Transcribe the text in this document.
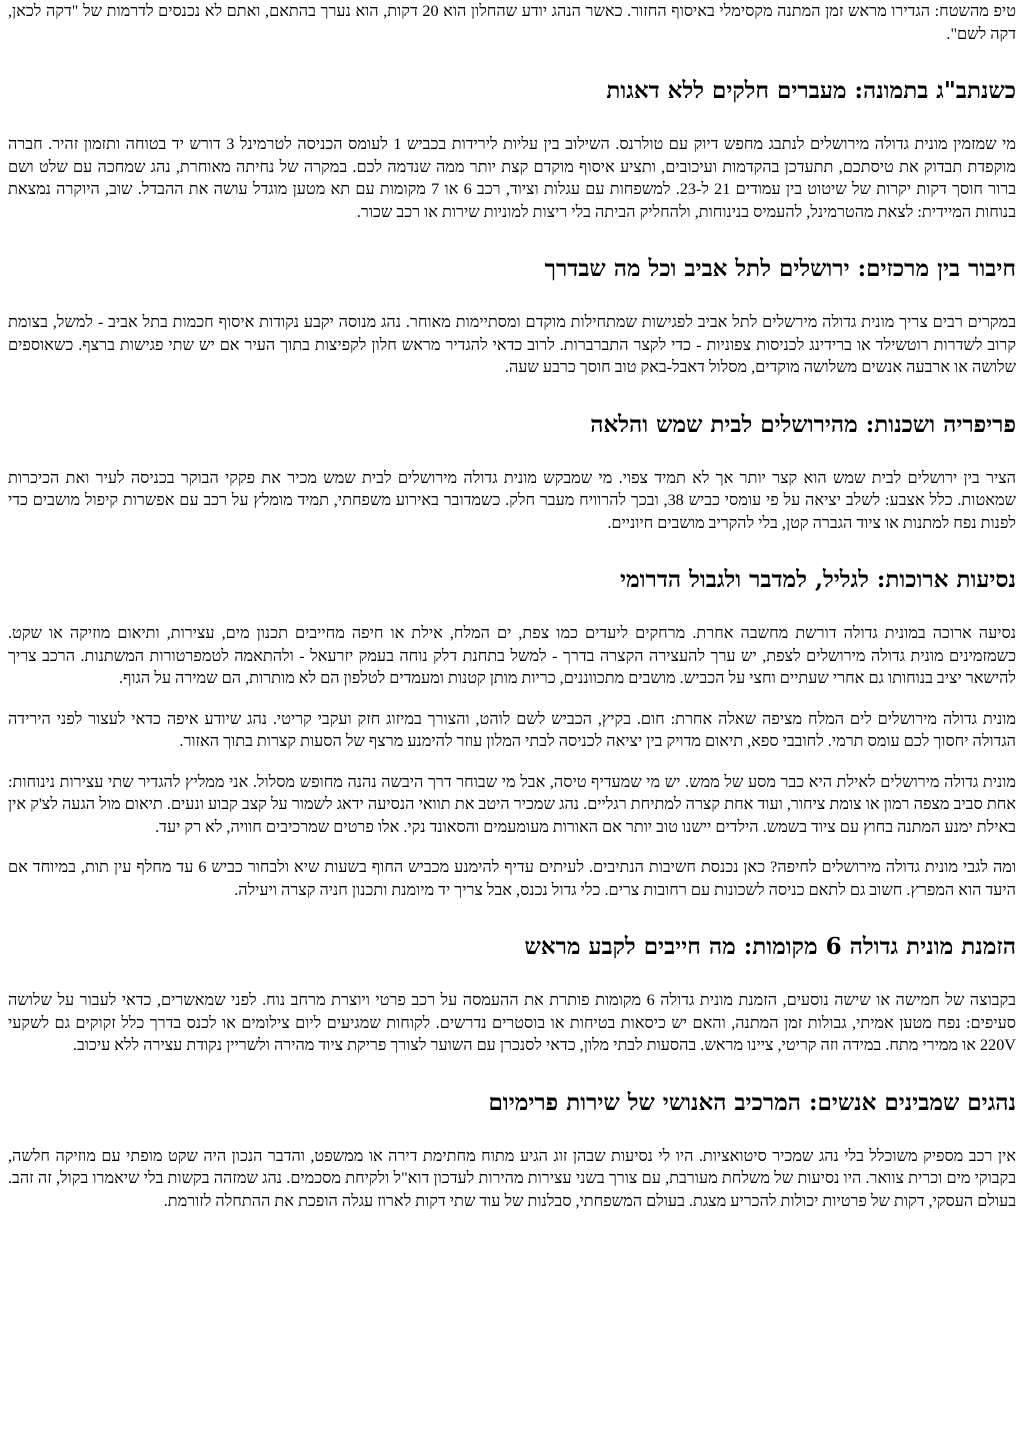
טיפ מהשטח: הגדירו מראש זמן המתנה מקסימלי באיסוף החזור. כאשר הנהג יודע שהחלון הוא 20 דקות, הוא נערך בהתאם, ואתם לא נכנסים לדרמות של "דקה לכאן, דקה לשם".

כשנתב"ג בתמונה: מעברים חלקים ללא דאגות

מי שמזמין מונית גדולה מירושלים לנתבג מחפש דיוק עם טולרנס. השילוב בין עליות לירידות בכביש 1 לעומס הכניסה לטרמינל 3 דורש יד בטוחה ותזמון זהיר. חברה מוקפדת תבדוק את טיסתכם, תתעדכן בהקדמות ועיכובים, ותציע איסוף מוקדם קצת יותר ממה שנדמה לכם. במקרה של נחיתה מאוחרת, נהג שמחכה עם שלט ושם ברור חוסך דקות יקרות של שיטוט בין עמודים 21 ל-23. למשפחות עם עגלות וציוד, רכב 6 או 7 מקומות עם תא מטען מוגדל עושה את ההבדל. שוב, היוקרה נמצאת בנוחות המיידית: לצאת מהטרמינל, להעמיס בנינוחות, ולהחליק הביתה בלי ריצות למוניות שירות או רכב שכור.

חיבור בין מרכזים: ירושלים לתל אביב וכל מה שבדרך

במקרים רבים צריך מונית גדולה מירשלים לתל אביב לפגישות שמתחילות מוקדם ומסתיימות מאוחר. נהג מנוסה יקבע נקודות איסוף חכמות בתל אביב - למשל, בצומת קרוב לשדרות רוטשילד או ברידינג לכניסות צפוניות - כדי לקצר התברברות. לרוב כדאי להגדיר מראש חלון לקפיצות בתוך העיר אם יש שתי פגישות ברצף. כשאוספים שלושה או ארבעה אנשים משלושה מוקדים, מסלול דאבל-באק טוב חוסך כרבע שעה.

פריפריה ושכנות: מהירושלים לבית שמש והלאה

הציר בין ירושלים לבית שמש הוא קצר יותר אך לא תמיד צפוי. מי שמבקש מונית גדולה מירושלים לבית שמש מכיר את פקקי הבוקר בכניסה לעיר ואת הכיכרות שמאטות. כלל אצבע: לשלב יציאה על פי עומסי כביש 38, ובכך להרוויח מעבר חלק. כשמדובר באירוע משפחתי, תמיד מומלץ על רכב עם אפשרות קיפול מושבים כדי לפנות נפח למתנות או ציוד הגברה קטן, בלי להקריב מושבים חיוניים.

נסיעות ארוכות: לגליל, למדבר ולגבול הדרומי

נסיעה ארוכה במונית גדולה דורשת מחשבה אחרת. מרחקים ליעדים כמו צפת, ים המלח, אילת או חיפה מחייבים תכנון מים, עצירות, ותיאום מוזיקה או שקט. כשמזמינים מונית גדולה מירושלים לצפת, יש ערך להעצירה הקצרה בדרך - למשל בתחנת דלק נוחה בעמק יזרעאל - ולהתאמה לטמפרטורות המשתנות. הרכב צריך להישאר יציב בנוחותו גם אחרי שעתיים וחצי על הכביש. מושבים מתכווננים, כריות מותן קטנות ומעמדים לטלפון הם לא מותרות, הם שמירה על הגוף.

מונית גדולה מירושלים לים המלח מציפה שאלה אחרת: חום. בקיץ, הכביש לשם לוהט, והצורך במיזוג חזק ועקבי קריטי. נהג שיודע איפה כדאי לעצור לפני הירידה הגדולה יחסוך לכם עומס תרמי. לחובבי ספא, תיאום מדויק בין יציאה לכניסה לבתי המלון עוזר להימנע מרצף של הסעות קצרות בתוך האזור.

מונית גדולה מירושלים לאילת היא כבר מסע של ממש. יש מי שמעדיף טיסה, אבל מי שבוחר דרך היבשה נהנה מחופש מסלול. אני ממליץ להגדיר שתי עצירות נינוחות: אחת סביב מצפה רמון או צומת ציחור, ועוד אחת קצרה למתיחת רגליים. נהג שמכיר היטב את תוואי הנסיעה ידאג לשמור על קצב קבוע ונעים. תיאום מול הגעה לצ'ק אין באילת ימנע המתנה בחוץ עם ציוד בשמש. הילדים יישנו טוב יותר אם האורות מעומעמים והסאונד נקי. אלו פרטים שמרכיבים חוויה, לא רק יעד.

ומה לגבי מונית גדולה מירושלים לחיפה? כאן נכנסת חשיבות הנתיבים. לעיתים עדיף להימנע מכביש החוף בשעות שיא ולבחור כביש 6 עד מחלף עין תות, במיוחד אם היעד הוא המפרץ. חשוב גם לתאם כניסה לשכונות עם רחובות צרים. כלי גדול נכנס, אבל צריך יד מיומנת ותכנון חניה קצרה ויעילה.

הזמנת מונית גדולה 6 מקומות: מה חייבים לקבע מראש

בקבוצה של חמישה או שישה נוסעים, הזמנת מונית גדולה 6 מקומות פותרת את ההעמסה על רכב פרטי ויוצרת מרחב נוח. לפני שמאשרים, כדאי לעבור על שלושה סעיפים: נפח מטען אמיתי, גבולות זמן המתנה, והאם יש כיסאות בטיחות או בוסטרים נדרשים. לקוחות שמגיעים ליום צילומים או לכנס בדרך כלל זקוקים גם לשקעי 220V או ממירי מתח. במידה וזה קריטי, ציינו מראש. בהסעות לבתי מלון, כדאי לסנכרן עם השוער לצורך פריקת ציוד מהירה ולשריין נקודת עצירה ללא עיכוב.

נהגים שמבינים אנשים: המרכיב האנושי של שירות פרימיום

אין רכב מספיק משוכלל בלי נהג שמכיר סיטואציות. היו לי נסיעות שבהן זוג הגיע מתוח מחתימת דירה או ממשפט, והדבר הנכון היה שקט מופתי עם מוזיקה חלשה, בקבוקי מים וכרית צוואר. היו נסיעות של משלחת מעורבת, עם צורך בשני עצירות מהירות לעדכון דוא"ל ולקיחת מסכמים. נהג שמזהה בקשות בלי שיאמרו בקול, זה זהב. בעולם העסקי, דקות של פרטיות יכולות להכריע מצגת. בעולם המשפחתי, סבלנות של עוד שתי דקות לארוז עגלה הופכת את ההתחלה לזורמת.
